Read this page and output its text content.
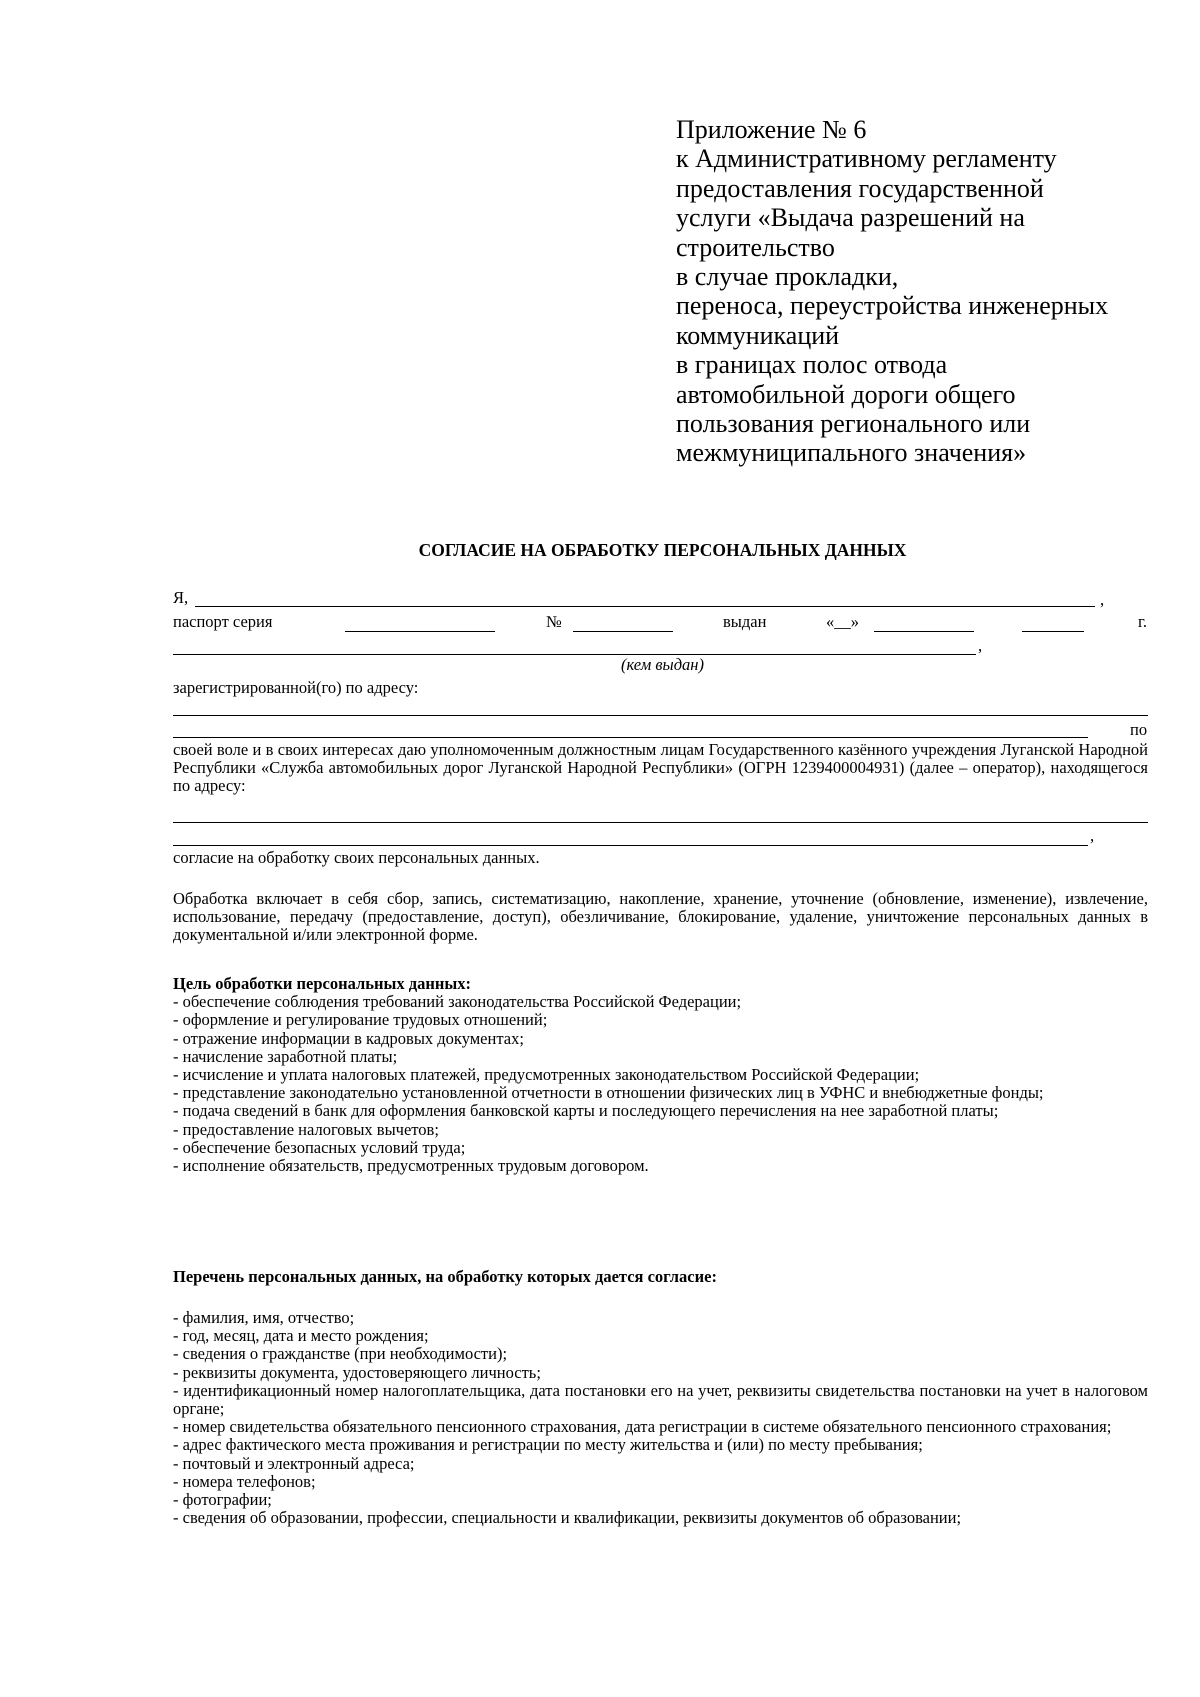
Приложение № 6
к Административному регламенту
предоставления государственной
услуги «Выдача разрешений на
строительство
в случае прокладки,
переноса, переустройства инженерных
коммуникаций
в границах полос отвода
автомобильной дороги общего
пользования регионального или
межмуниципального значения»
СОГЛАСИЕ НА ОБРАБОТКУ ПЕРСОНАЛЬНЫХ ДАННЫХ
Я,	,
паспорт серия	№	выдан	«__»	г.
,
(кем выдан)
зарегистрированной(го) по адресу:
по
своей воле и в своих интересах даю уполномоченным должностным лицам Государственного казённого учреждения Луганской Народной Республики «Служба автомобильных дорог Луганской Народной Республики» (ОГРН 1239400004931) (далее – оператор), находящегося по адресу:
,
согласие на обработку своих персональных данных.
Обработка включает в себя сбор, запись, систематизацию, накопление, хранение, уточнение (обновление, изменение), извлечение, использование, передачу (предоставление, доступ), обезличивание, блокирование, удаление, уничтожение персональных данных в документальной и/или электронной форме.
Цель обработки персональных данных:
- обеспечение соблюдения требований законодательства Российской Федерации;
- оформление и регулирование трудовых отношений;
- отражение информации в кадровых документах;
- начисление заработной платы;
- исчисление и уплата налоговых платежей, предусмотренных законодательством Российской Федерации;
- представление законодательно установленной отчетности в отношении физических лиц в УФНС и внебюджетные фонды;
- подача сведений в банк для оформления банковской карты и последующего перечисления на нее заработной платы;
- предоставление налоговых вычетов;
- обеспечение безопасных условий труда;
- исполнение обязательств, предусмотренных трудовым договором.
Перечень персональных данных, на обработку которых дается согласие:
- фамилия, имя, отчество;
- год, месяц, дата и место рождения;
- сведения о гражданстве (при необходимости);
- реквизиты документа, удостоверяющего личность;
- идентификационный номер налогоплательщика, дата постановки его на учет, реквизиты свидетельства постановки на учет в налоговом органе;
- номер свидетельства обязательного пенсионного страхования, дата регистрации в системе обязательного пенсионного страхования;
- адрес фактического места проживания и регистрации по месту жительства и (или) по месту пребывания;
- почтовый и электронный адреса;
- номера телефонов;
- фотографии;
- сведения об образовании, профессии, специальности и квалификации, реквизиты документов об образовании;
